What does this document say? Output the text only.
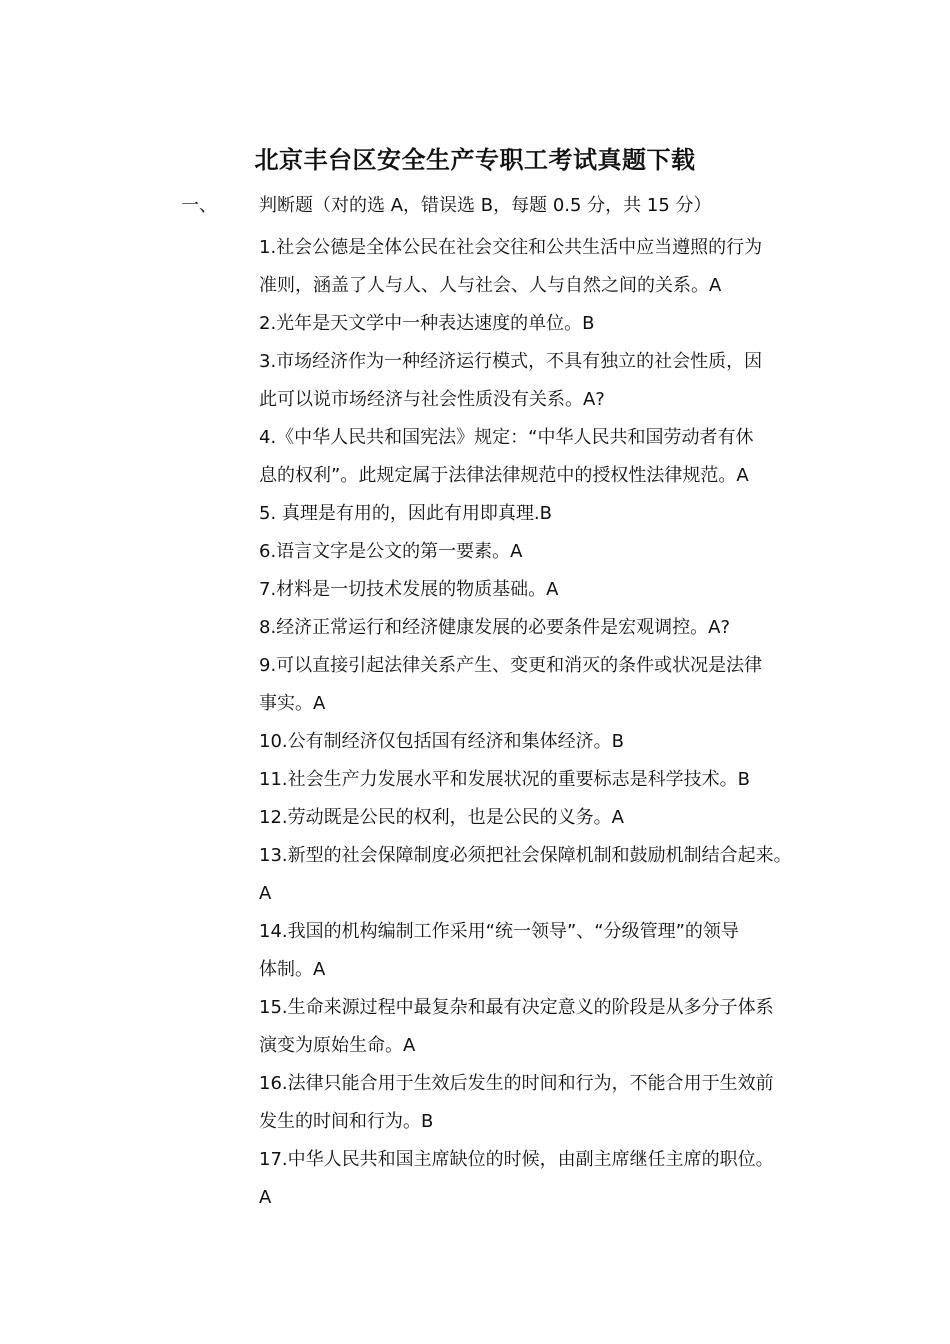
北京丰台区安全生产专职工考试真题下载
一、 判断题（对的选 A，错误选 B，每题 0.5 分，共 15 分）
1.社会公德是全体公民在社会交往和公共生活中应当遵照的行为
准则，涵盖了人与人、人与社会、人与自然之间的关系。A
2.光年是天文学中一种表达速度的单位。B
3.市场经济作为一种经济运行模式，不具有独立的社会性质，因
此可以说市场经济与社会性质没有关系。A?
4.《中华人民共和国宪法》规定：“中华人民共和国劳动者有休
息的权利”。此规定属于法律法律规范中的授权性法律规范。A
5. 真理是有用的，因此有用即真理.B
6.语言文字是公文的第一要素。A
7.材料是一切技术发展的物质基础。A
8.经济正常运行和经济健康发展的必要条件是宏观调控。A?
9.可以直接引起法律关系产生、变更和消灭的条件或状况是法律
事实。A
10.公有制经济仅包括国有经济和集体经济。B
11.社会生产力发展水平和发展状况的重要标志是科学技术。B
12.劳动既是公民的权利，也是公民的义务。A
13.新型的社会保障制度必须把社会保障机制和鼓励机制结合起来。
A
14.我国的机构编制工作采用“统一领导”、“分级管理”的领导
体制。A
15.生命来源过程中最复杂和最有决定意义的阶段是从多分子体系
演变为原始生命。A
16.法律只能合用于生效后发生的时间和行为，不能合用于生效前
发生的时间和行为。B
17.中华人民共和国主席缺位的时候，由副主席继任主席的职位。
A
